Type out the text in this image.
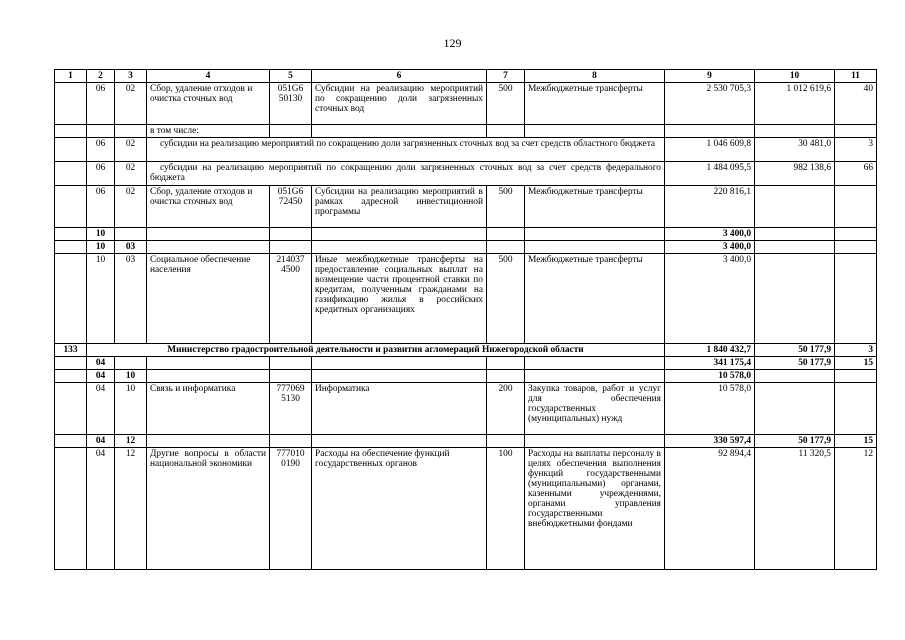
129
1	2	3	4	5	6	7	8	9	10	11
	06	02	Сбор, удаление отходов и очистка сточных вод	051G6 50130	Субсидии на реализацию мероприятий по сокращению доли загрязненных сточных вод	500	Межбюджетные трансферты	2 530 705,3	1 012 619,6	40
			в том числе:							
	06	02	субсидии на реализацию мероприятий по сокращению доли загрязненных сточных вод за счет средств областного бюджета					1 046 609,8	30 481,0	3
	06	02	субсидии на реализацию мероприятий по сокращению доли загрязненных сточных вод за счет средств федерального бюджета					1 484 095,5	982 138,6	66
	06	02	Сбор, удаление отходов и очистка сточных вод	051G6 72450	Субсидии на реализацию мероприятий в рамках адресной инвестиционной программы	500	Межбюджетные трансферты	220 816,1		
	10							3 400,0		
	10	03						3 400,0		
	10	03	Социальное обеспечение населения	214037 4500	Иные межбюджетные трансферты на предоставление социальных выплат на возмещение части процентной ставки по кредитам, полученным гражданами на газификацию жилья в российских кредитных организациях	500	Межбюджетные трансферты	3 400,0		
133	Министерство градостроительной деятельности и развития агломераций Нижегородской области							1 840 432,7	50 177,9	3
	04							341 175,4	50 177,9	15
	04	10						10 578,0		
	04	10	Связь и информатика	777069 5130	Информатика	200	Закупка товаров, работ и услуг для обеспечения государственных (муниципальных) нужд	10 578,0		
	04	12						330 597,4	50 177,9	15
	04	12	Другие вопросы в области национальной экономики	777010 0190	Расходы на обеспечение функций государственных органов	100	Расходы на выплаты персоналу в целях обеспечения выполнения функций государственными (муниципальными) органами, казенными учреждениями, органами управления государственными внебюджетными фондами	92 894,4	11 320,5	12
